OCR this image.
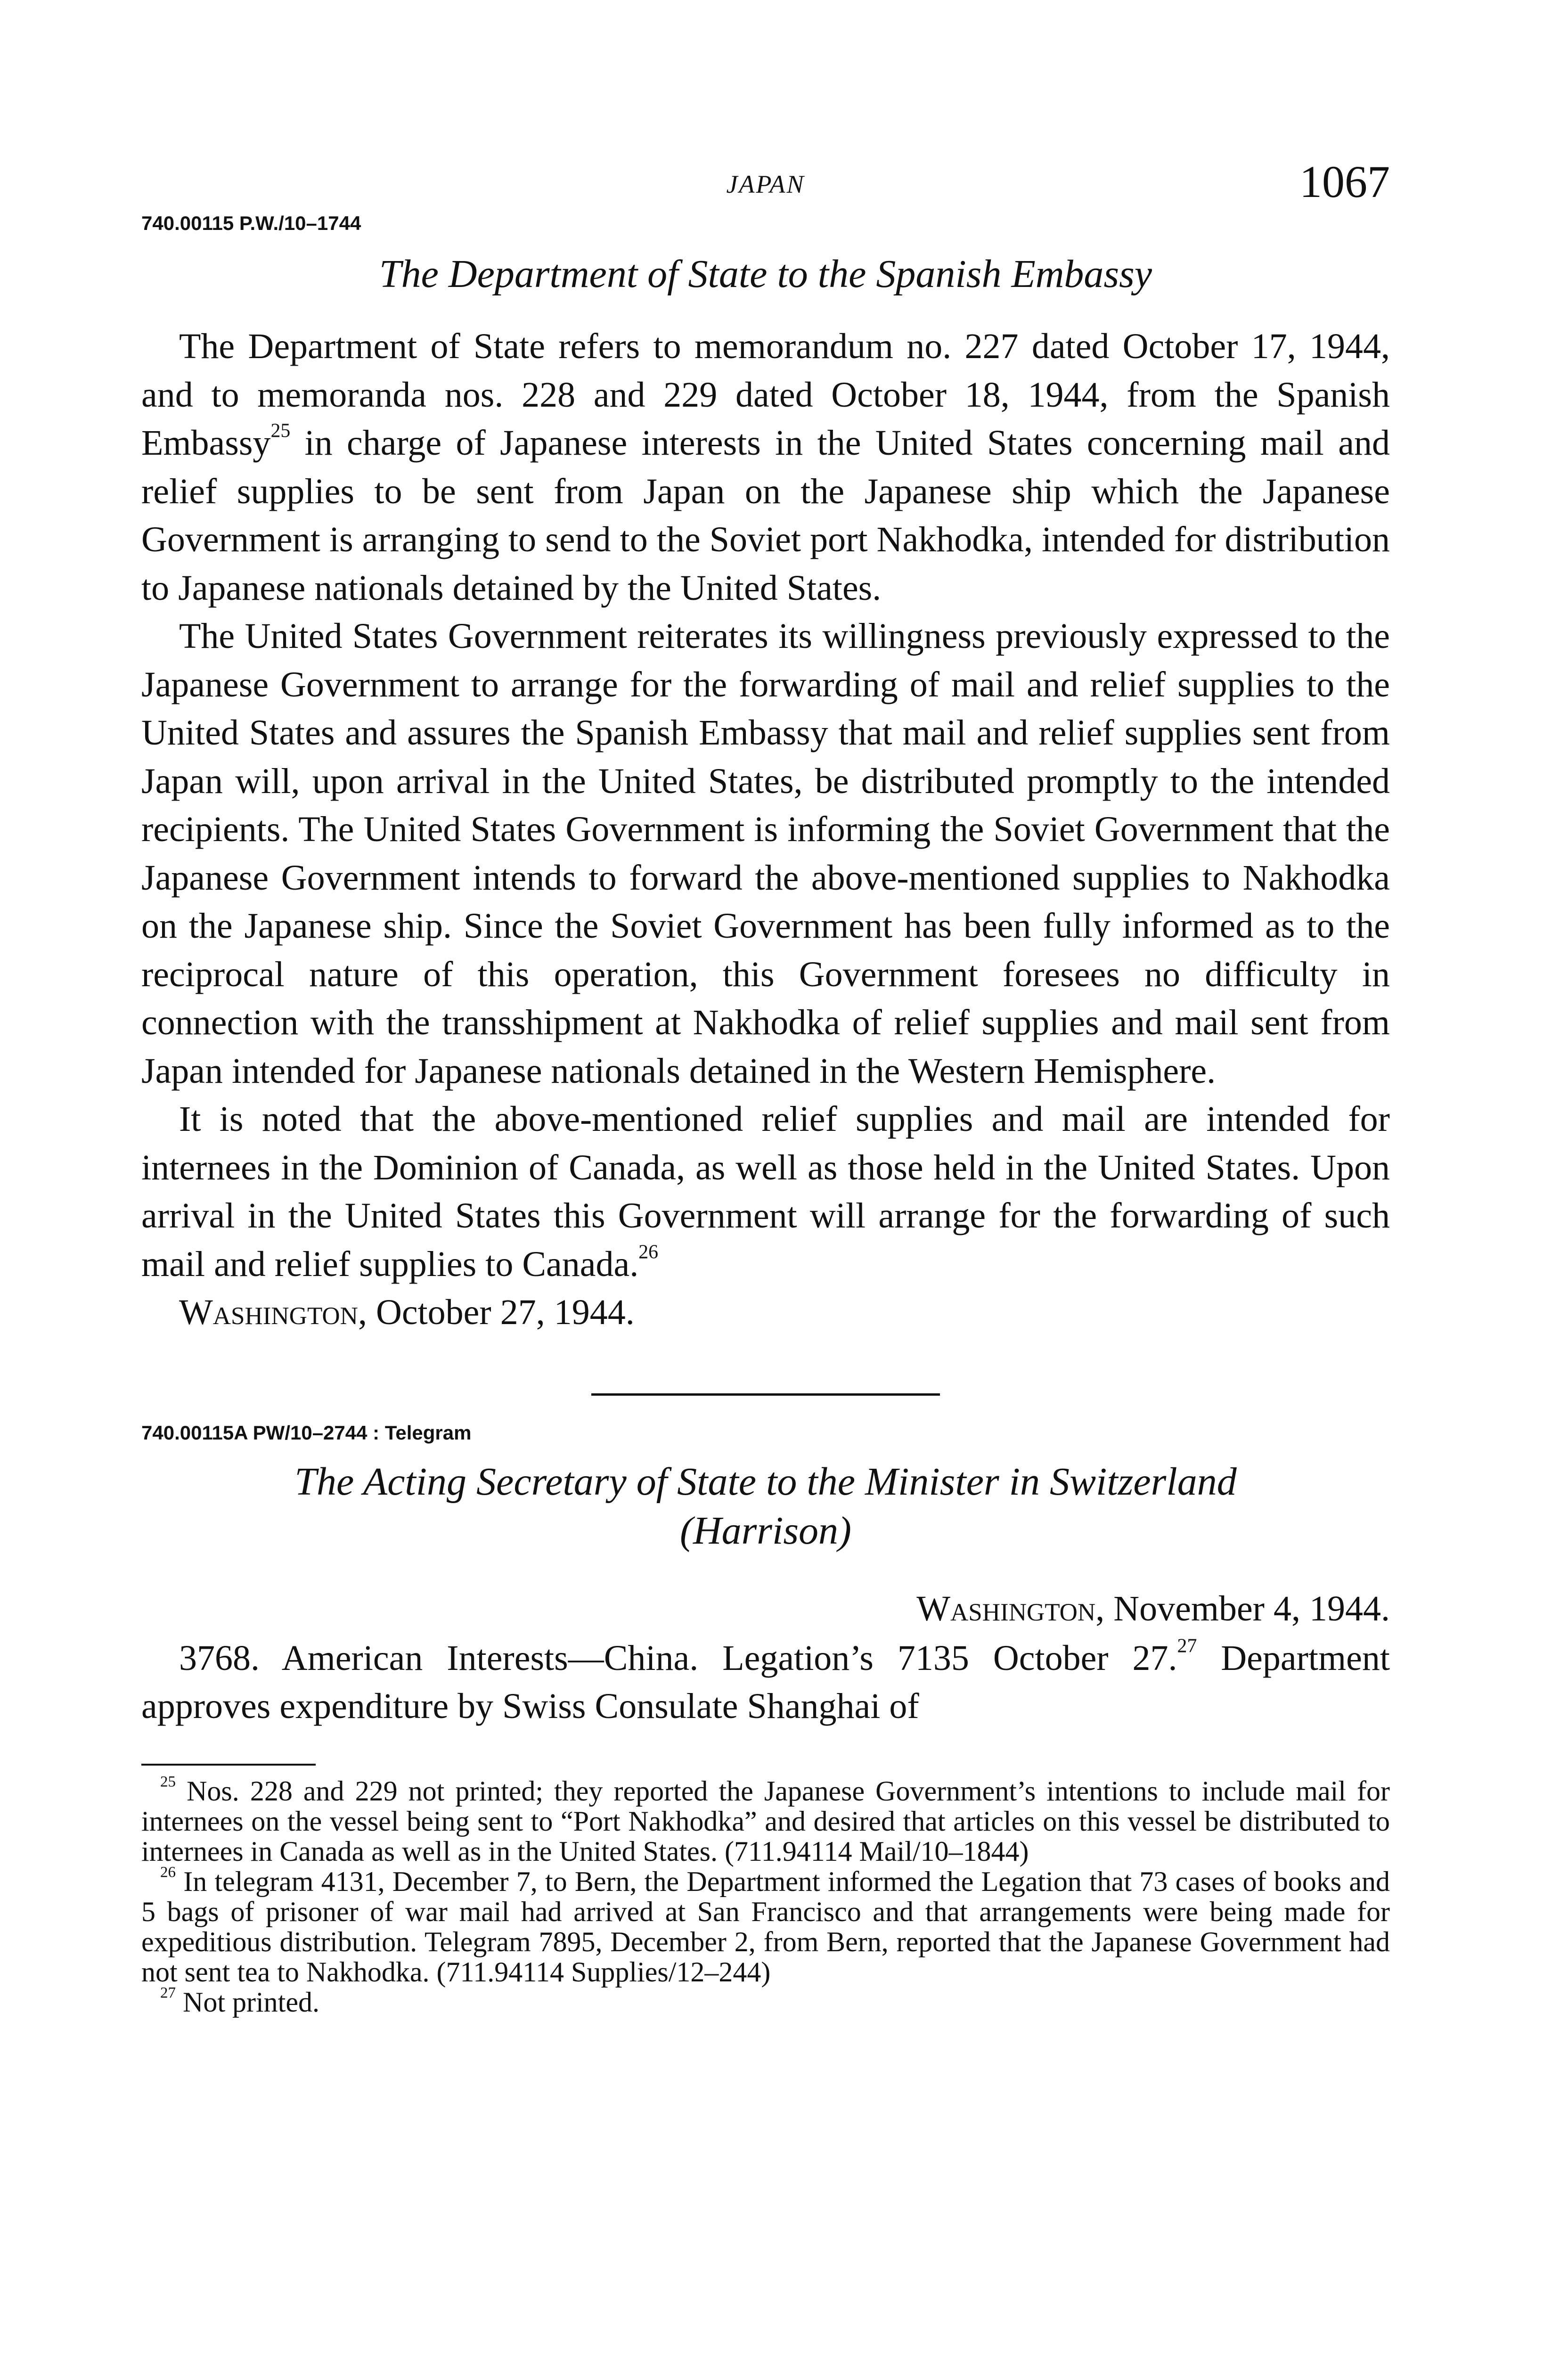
JAPAN	1067
740.00115 P.W./10–1744
The Department of State to the Spanish Embassy

The Department of State refers to memorandum no. 227 dated October 17, 1944, and to memoranda nos. 228 and 229 dated October 18, 1944, from the Spanish Embassy$^{25}$ in charge of Japanese interests in the United States concerning mail and relief supplies to be sent from Japan on the Japanese ship which the Japanese Government is arranging to send to the Soviet port Nakhodka, intended for distribution to Japanese nationals detained by the United States.

The United States Government reiterates its willingness previously expressed to the Japanese Government to arrange for the forwarding of mail and relief supplies to the United States and assures the Spanish Embassy that mail and relief supplies sent from Japan will, upon arrival in the United States, be distributed promptly to the intended recipients. The United States Government is informing the Soviet Government that the Japanese Government intends to forward the above-mentioned supplies to Nakhodka on the Japanese ship. Since the Soviet Government has been fully informed as to the reciprocal nature of this operation, this Government foresees no difficulty in connection with the transshipment at Nakhodka of relief supplies and mail sent from Japan intended for Japanese nationals detained in the Western Hemisphere.

It is noted that the above-mentioned relief supplies and mail are intended for internees in the Dominion of Canada, as well as those held in the United States. Upon arrival in the United States this Government will arrange for the forwarding of such mail and relief supplies to Canada.$^{26}$

Washington, October 27, 1944.

740.00115A PW/10–2744 : Telegram
The Acting Secretary of State to the Minister in Switzerland
(Harrison)
Washington, November 4, 1944.

3768. American Interests—China. Legation’s 7135 October 27.27 Department approves expenditure by Swiss Consulate Shanghai of

$^{25}$ Nos. 228 and 229 not printed; they reported the Japanese Government’s intentions to include mail for internees on the vessel being sent to “Port Nakhodka” and desired that articles on this vessel be distributed to internees in Canada as well as in the United States. (711.94114 Mail/10–1844)

$^{26}$ In telegram 4131, December 7, to Bern, the Department informed the Legation that 73 cases of books and 5 bags of prisoner of war mail had arrived at San Francisco and that arrangements were being made for expeditious distribution. Telegram 7895, December 2, from Bern, reported that the Japanese Government had not sent tea to Nakhodka. (711.94114 Supplies/12–244)

$^{27}$ Not printed.
